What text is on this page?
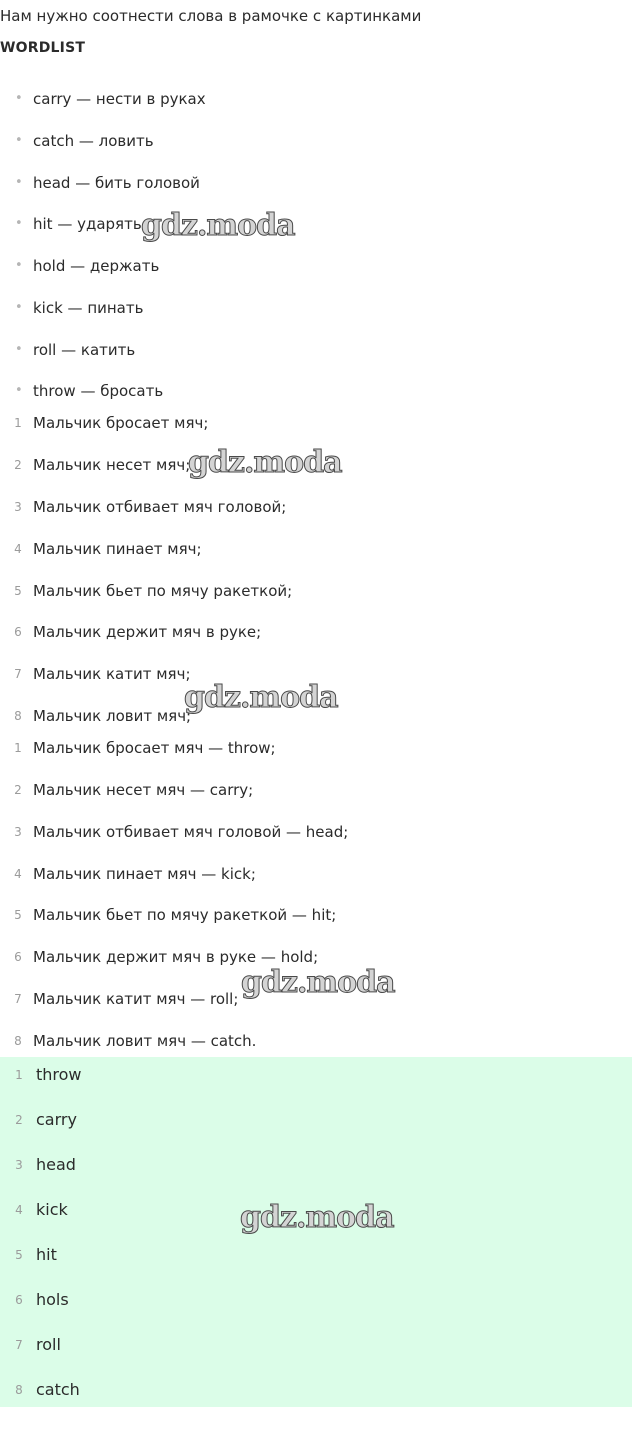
Нам нужно соотнести слова в рамочке с картинками
WORDLIST
• carry — нести в руках
• catch — ловить
• head — бить головой
• hit — ударять
• hold — держать
• kick — пинать
• roll — катить
• throw — бросать
1 Мальчик бросает мяч;
2 Мальчик несет мяч;
3 Мальчик отбивает мяч головой;
4 Мальчик пинает мяч;
5 Мальчик бьет по мячу ракеткой;
6 Мальчик держит мяч в руке;
7 Мальчик катит мяч;
8 Мальчик ловит мяч;
1 Мальчик бросает мяч — throw;
2 Мальчик несет мяч — carry;
3 Мальчик отбивает мяч головой — head;
4 Мальчик пинает мяч — kick;
5 Мальчик бьет по мячу ракеткой — hit;
6 Мальчик держит мяч в руке — hold;
7 Мальчик катит мяч — roll;
8 Мальчик ловит мяч — catch.
1 throw
2 carry
3 head
4 kick
5 hit
6 hols
7 roll
8 catch
gdz.moda
gdz.moda
gdz.moda
gdz.moda
gdz.moda
